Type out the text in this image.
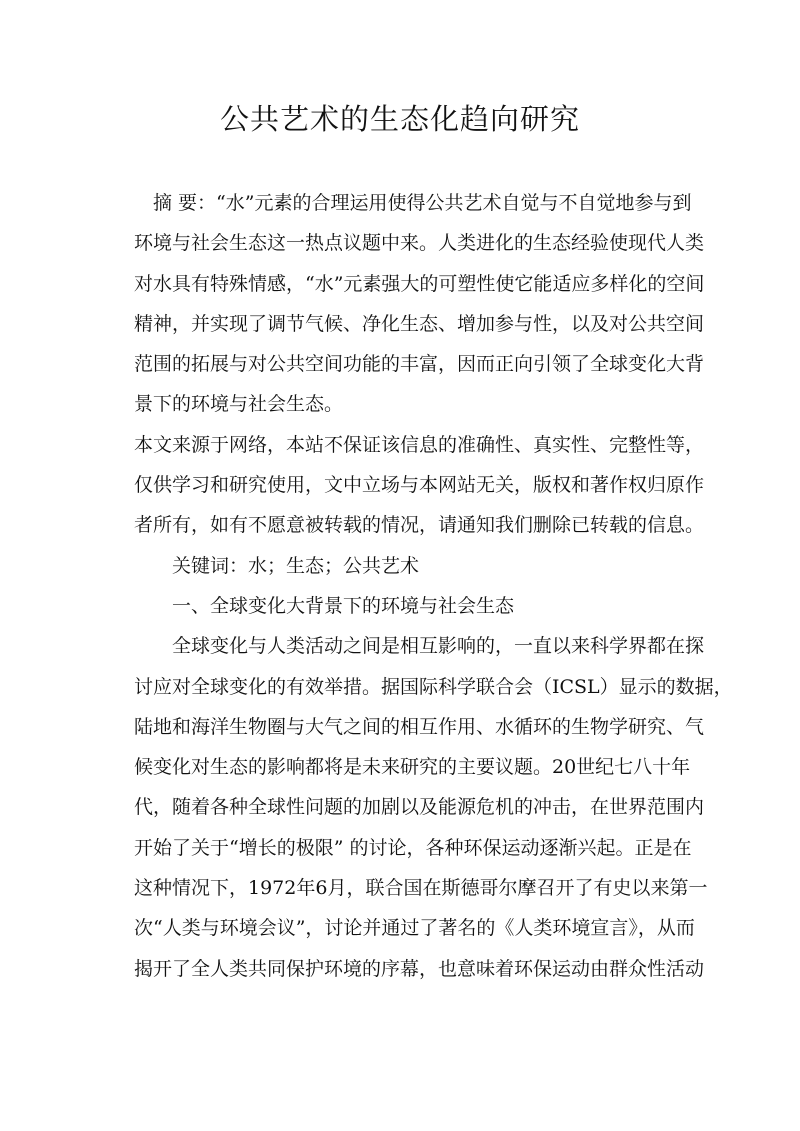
公共艺术的生态化趋向研究
摘 要：“水”元素的合理运用使得公共艺术自觉与不自觉地参与到
环境与社会生态这一热点议题中来。人类进化的生态经验使现代人类
对水具有特殊情感，“水”元素强大的可塑性使它能适应多样化的空间
精神，并实现了调节气候、净化生态、增加参与性，以及对公共空间
范围的拓展与对公共空间功能的丰富，因而正向引领了全球变化大背
景下的环境与社会生态。
本文来源于网络，本站不保证该信息的准确性、真实性、完整性等，
仅供学习和研究使用，文中立场与本网站无关，版权和著作权归原作
者所有，如有不愿意被转载的情况，请通知我们删除已转载的信息。
关键词：水；生态；公共艺术
一、全球变化大背景下的环境与社会生态
全球变化与人类活动之间是相互影响的，一直以来科学界都在探
讨应对全球变化的有效举措。据国际科学联合会（ICSL）显示的数据，
陆地和海洋生物圈与大气之间的相互作用、水循环的生物学研究、气
候变化对生态的影响都将是未来研究的主要议题。20世纪七八十年
代，随着各种全球性问题的加剧以及能源危机的冲击，在世界范围内
开始了关于“增长的极限” 的讨论，各种环保运动逐渐兴起。正是在
这种情况下，1972年6月，联合国在斯德哥尔摩召开了有史以来第一
次“人类与环境会议”，讨论并通过了著名的《人类环境宣言》，从而
揭开了全人类共同保护环境的序幕，也意味着环保运动由群众性活动
